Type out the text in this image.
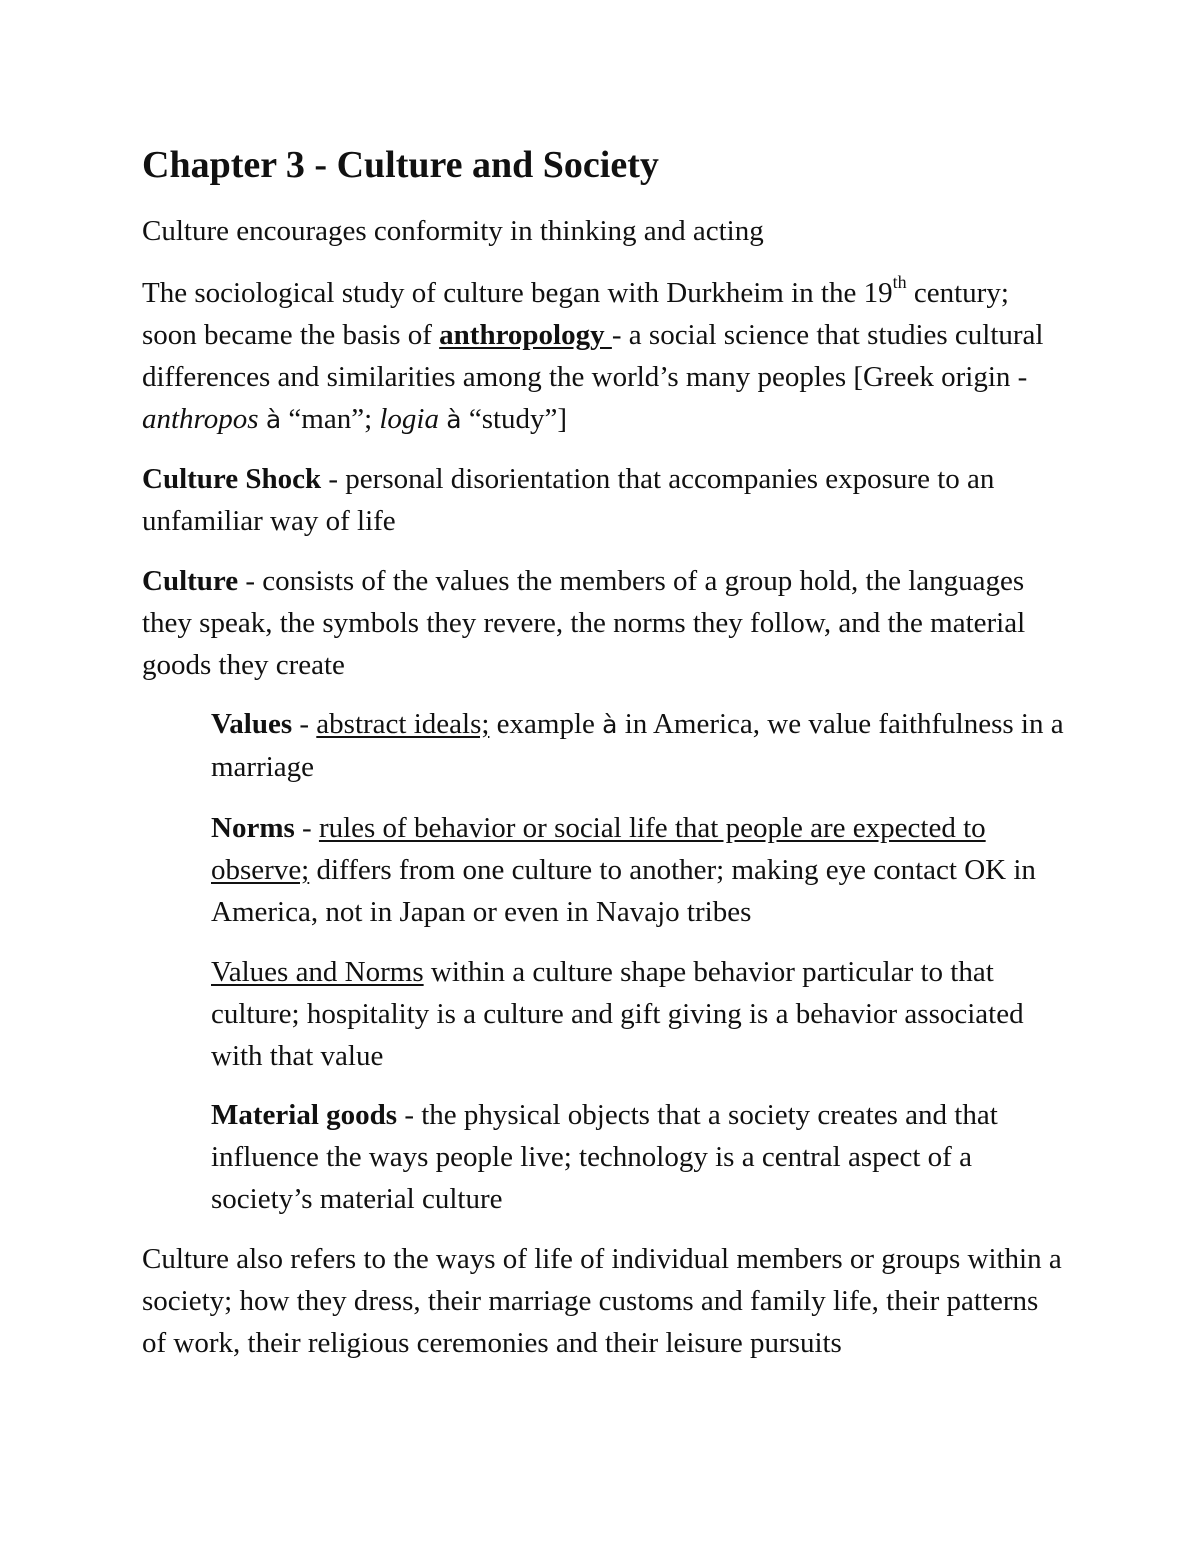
Chapter 3 - Culture and Society

Culture encourages conformity in thinking and acting

The sociological study of culture began with Durkheim in the 19th century; soon became the basis of anthropology - a social science that studies cultural differences and similarities among the world’s many peoples [Greek origin - anthropos à “man”; logia à “study”]

Culture Shock - personal disorientation that accompanies exposure to an unfamiliar way of life

Culture - consists of the values the members of a group hold, the languages they speak, the symbols they revere, the norms they follow, and the material goods they create

Values - abstract ideals; example à in America, we value faithfulness in a marriage

Norms - rules of behavior or social life that people are expected to observe; differs from one culture to another; making eye contact OK in America, not in Japan or even in Navajo tribes

Values and Norms within a culture shape behavior particular to that culture; hospitality is a culture and gift giving is a behavior associated with that value

Material goods - the physical objects that a society creates and that influence the ways people live; technology is a central aspect of a society’s material culture

Culture also refers to the ways of life of individual members or groups within a society; how they dress, their marriage customs and family life, their patterns of work, their religious ceremonies and their leisure pursuits
